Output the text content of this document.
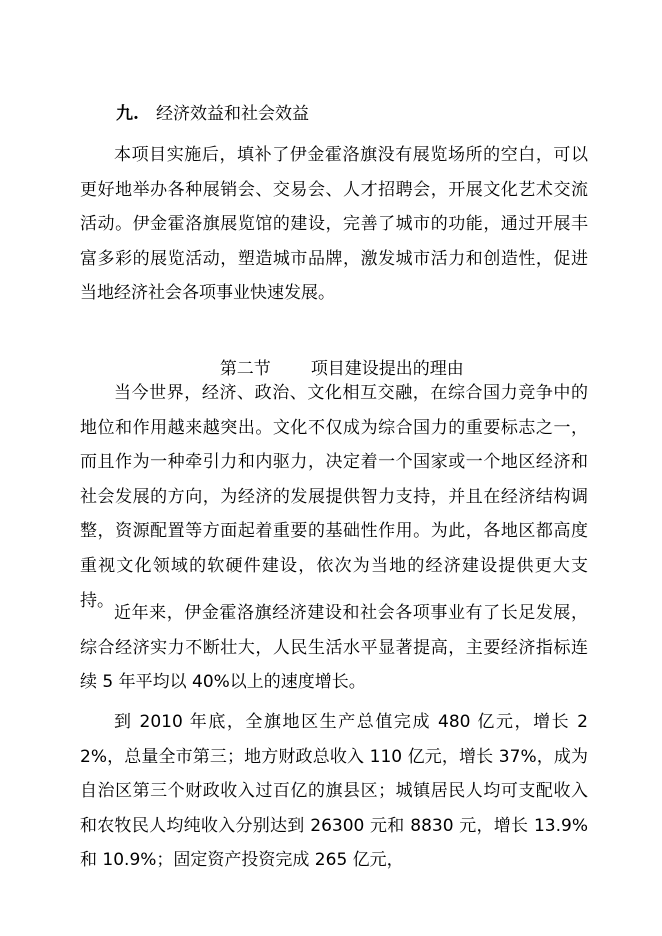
九. 经济效益和社会效益

本项目实施后，填补了伊金霍洛旗没有展览场所的空白，可以更好地举办各种展销会、交易会、人才招聘会，开展文化艺术交流活动。伊金霍洛旗展览馆的建设，完善了城市的功能，通过开展丰富多彩的展览活动，塑造城市品牌，激发城市活力和创造性，促进当地经济社会各项事业快速发展。

第二节 项目建设提出的理由

当今世界，经济、政治、文化相互交融，在综合国力竞争中的地位和作用越来越突出。文化不仅成为综合国力的重要标志之一，而且作为一种牵引力和内驱力，决定着一个国家或一个地区经济和社会发展的方向，为经济的发展提供智力支持，并且在经济结构调整，资源配置等方面起着重要的基础性作用。为此，各地区都高度重视文化领域的软硬件建设，依次为当地的经济建设提供更大支持。

近年来，伊金霍洛旗经济建设和社会各项事业有了长足发展，综合经济实力不断壮大，人民生活水平显著提高，主要经济指标连续 5 年平均以 40%以上的速度增长。

到 2010 年底，全旗地区生产总值完成 480 亿元，增长 22%，总量全市第三；地方财政总收入 110 亿元，增长 37%，成为自治区第三个财政收入过百亿的旗县区；城镇居民人均可支配收入和农牧民人均纯收入分别达到 26300 元和 8830 元，增长 13.9%和 10.9%；固定资产投资完成 265 亿元，
